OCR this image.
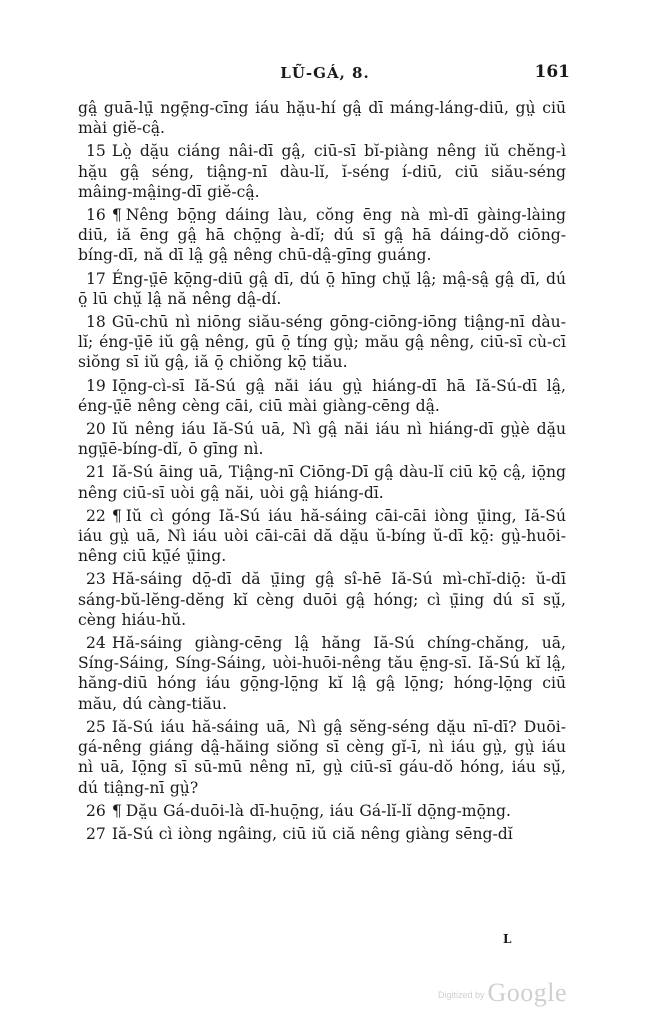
LŨ-GÁ, 8.	161

gâ̤ guā-lṳ̄ ngḙ̄ng-cīng iáu hă̤u-hí gâ̤ dī máng-láng-diū, gṳ̀ ciū mài giĕ-câ̤.

15 Lò̤ dă̤u ciáng nâi-dī gâ̤, ciū-sī bĭ-piàng nêng iŭ chĕng-ì hă̤u gâ̤ séng, tiâ̤ng-nī dàu-lĭ, ĭ-séng í-diū, ciū siău-séng mâing-mâ̤ing-dī giĕ-câ̤.

16 ¶ Nêng bō̤ng dáing làu, cŏng ēng nà mì-dī gàing-làing diū, iă ēng gâ̤ hā chō̤ng à-dĭ; dú sī gâ̤ hā dáing-dŏ ciōng-bíng-dī, nă dī lâ̤ gâ̤ nêng chū-dâ̤-gīng guáng.

17 Éng-ṳ̄ē kō̤ng-diū gâ̤ dī, dú ō̤ hīng chṳ̆ lâ̤; mâ̤-sâ̤ gâ̤ dī, dú ō̤ lū chṳ̆ lâ̤ nă nêng dâ̤-dí.

18 Gū-chū nì niōng siău-séng gōng-ciōng-iōng tiâ̤ng-nī dàu-lĭ; éng-ṳ̄ē iŭ gâ̤ nêng, gū ō̤ tíng gṳ̀; mău gâ̤ nêng, ciū-sī cù-cī siŏng sī iŭ gâ̤, iă ō̤ chiŏng kō̤ tiău.

19 Iō̤ng-cì-sī Iă-Sú gâ̤ năi iáu gṳ̀ hiáng-dī hā Iă-Sú-dī lâ̤, éng-ṳ̄ē nêng cèng cāi, ciū mài giàng-cēng dâ̤.

20 Iŭ nêng iáu Iă-Sú uā, Nì gâ̤ năi iáu nì hiáng-dī gṳ̀è dă̤u ngṳ̄ē-bíng-dĭ, ō gīng nì.

21 Iă-Sú āing uā, Tiâ̤ng-nī Ciōng-Dī gâ̤ dàu-lĭ ciū kō̤ câ̤, iō̤ng nêng ciū-sī uòi gâ̤ năi, uòi gâ̤ hiáng-dī.

22 ¶ Iŭ cì góng Iă-Sú iáu hă-sáing cāi-cāi iòng ṳ̄ing, Iă-Sú iáu gṳ̀ uā, Nì iáu uòi cāi-cāi dă dă̤u ŭ-bíng ŭ-dī kō̤: gṳ̀-huōi-nêng ciū kṳ̄é ṳ̄ing.

23 Hă-sáing dō̤-dī dă ṳ̄ing gâ̤ sî-hē Iă-Sú mì-chĭ-diō̤: ŭ-dī sáng-bŭ-lĕng-dĕng kĭ cèng duōi gâ̤ hóng; cì ṳ̄ing dú sī sṳ̆, cèng hiáu-hŭ.

24 Hă-sáing giàng-cēng lâ̤ hăng Iă-Sú chíng-chăng, uā, Síng-Sáing, Síng-Sáing, uòi-huōi-nêng tău ē̤ng-sī. Iă-Sú kĭ lâ̤, hăng-diū hóng iáu gō̤ng-lō̤ng kĭ lâ̤ gâ̤ lō̤ng; hóng-lō̤ng ciū mău, dú càng-tiău.

25 Iă-Sú iáu hă-sáing uā, Nì gâ̤ sĕng-séng dă̤u nī-dī? Duōi-gá-nêng giáng dâ̤-hăing siŏng sī cèng gĭ-ī, nì iáu gṳ̀, gṳ̀ iáu nì uā, Iō̤ng sī sū-mū nêng nī, gṳ̀ ciū-sī gáu-dŏ hóng, iáu sṳ̆, dú tiâ̤ng-nī gṳ̀?

26 ¶ Dă̤u Gá-duōi-là dī-huō̤ng, iáu Gá-lĭ-lĭ dō̤ng-mō̤ng.

27 Iă-Sú cì iòng ngâing, ciū iŭ ciă nêng giàng sēng-dĭ

L
Digitized by Google
